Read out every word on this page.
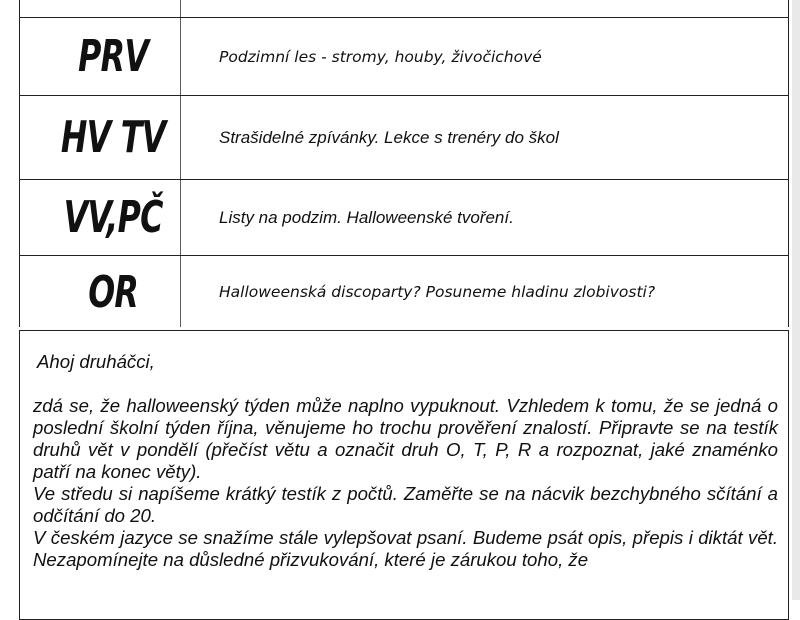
PRV	Podzimní les - stromy, houby, živočichové
HV TV	Strašidelné zpívánky. Lekce s trenéry do škol
VV,PČ	Listy na podzim. Halloweenské tvoření.
OR	Halloweenská discoparty? Posuneme hladinu zlobivosti?
Ahoj druháčci,
zdá se, že halloweenský týden může naplno vypuknout. Vzhledem k tomu, že se jedná o poslední školní týden října, věnujeme ho trochu prověření znalostí. Připravte se na testík druhů vět v pondělí (přečíst větu a označit druh O, T, P, R a rozpoznat, jaké znaménko patří na konec věty).
Ve středu si napíšeme krátký testík z počtů. Zaměřte se na nácvik bezchybného sčítání a odčítání do 20.
V českém jazyce se snažíme stále vylepšovat psaní. Budeme psát opis, přepis i diktát vět. Nezapomínejte na důsledné přizvukování, které je zárukou toho, že
